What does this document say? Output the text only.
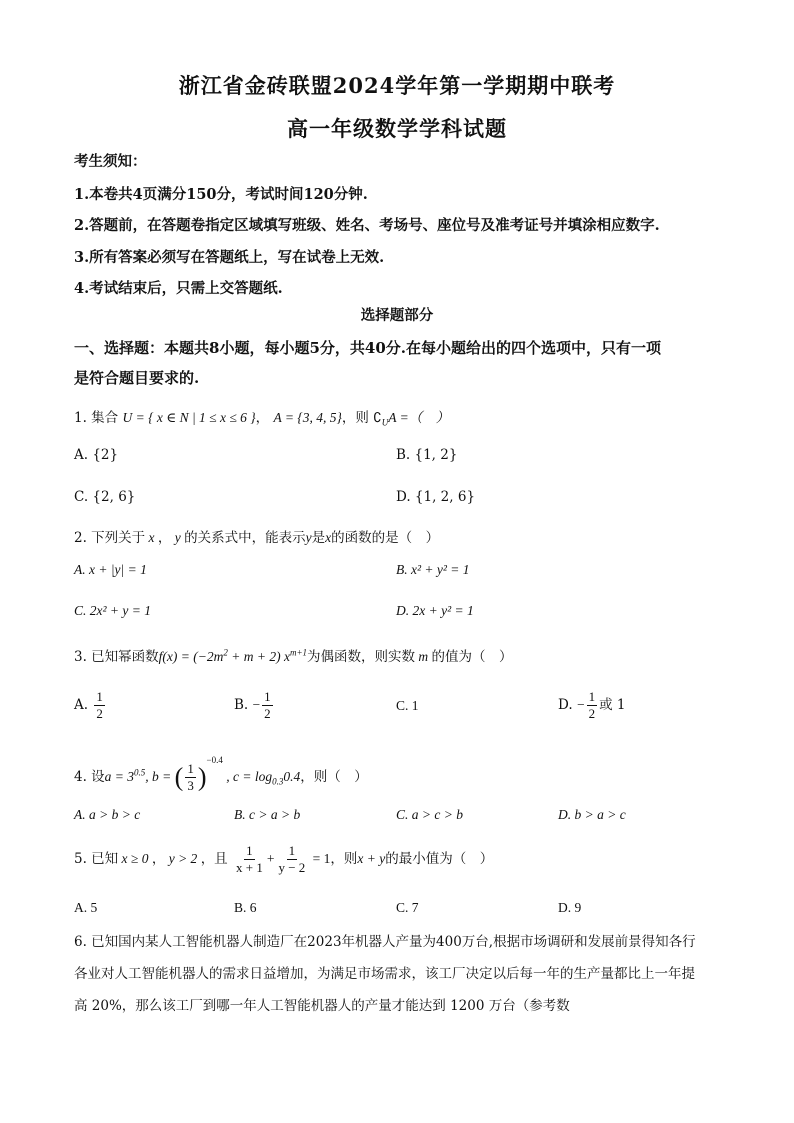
浙江省金砖联盟2024学年第一学期期中联考
高一年级数学学科试题
考生须知：
1.本卷共4页满分150分，考试时间120分钟.
2.答题前，在答题卷指定区域填写班级、姓名、考场号、座位号及准考证号并填涂相应数字.
3.所有答案必须写在答题纸上，写在试卷上无效.
4.考试结束后，只需上交答题纸.
选择题部分
一、选择题：本题共8小题，每小题5分，共40分.在每小题给出的四个选项中，只有一项
是符合题目要求的.
1. 集合 U = { x ∈ N | 1 ≤ x ≤ 6 }， A = {3, 4, 5}，则 $∁_UA$ =（　）
A. {2}	B. {1, 2}
C. {2, 6}	D. {1, 2, 6}
2. 下列关于 x ， y 的关系式中，能表示y是x的函数的是（　）
A. x + |y| = 1	B. x² + y² = 1
C. 2x² + y = 1	D. 2x + y² = 1
3. 已知幂函数$f(x) = (-2m^2 + m + 2)$ $x^{m+1}$为偶函数，则实数 m 的值为（　）
A. $\frac{1}{2}$	B. − $\frac{1}{2}$	C. 1	D. − $\frac{1}{2}$ 或 1
4. 设$a = 3^{0.5}$, b = ( $\frac{1}{3} )^{-0.4}$ , $c = \log_{0.3}0.4$，则（　）
A. a > b > c	B. c > a > b	C. a > c > b	D. b > a > c
5. 已知 x ≥ 0 ， y > 2 ，且 $\frac{1}{x + 1} + \frac{1}{y - 2} = 1$，则x + y的最小值为（　）
A. 5	B. 6	C. 7	D. 9
6. 已知国内某人工智能机器人制造厂在2023年机器人产量为400万台,根据市场调研和发展前景得知各行
各业对人工智能机器人的需求日益增加，为满足市场需求，该工厂决定以后每一年的生产量都比上一年提
高 20%，那么该工厂到哪一年人工智能机器人的产量才能达到 1200 万台（参考数
